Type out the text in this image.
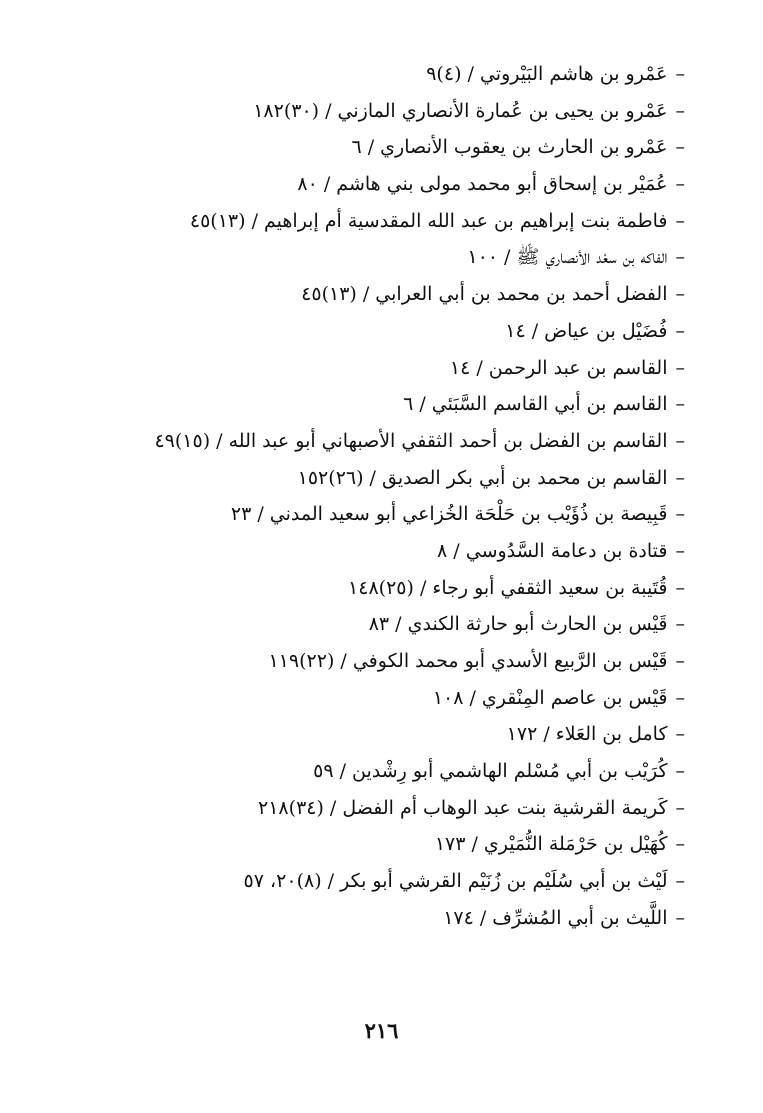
–عَمْرو بن هاشم البَيْروتي / (٤)٩
–عَمْرو بن يحيى بن عُمارة الأنصاري المازني / (٣٠)١٨٢
–عَمْرو بن الحارث بن يعقوب الأنصاري / ٦
–عُمَيْر بن إسحاق أبو محمد مولى بني هاشم / ٨٠
–فاطمة بنت إبراهيم بن عبد الله المقدسية أم إبراهيم / (١٣)٤٥
–الفاكه بن سعْد الأنصاري ﷺ / ١٠٠
–الفضل أحمد بن محمد بن أبي العرابي / (١٣)٤٥
–فُضَيْل بن عياض / ١٤
–القاسم بن عبد الرحمن / ١٤
–القاسم بن أبي القاسم السَّبَئي / ٦
–القاسم بن الفضل بن أحمد الثقفي الأصبهاني أبو عبد الله / (١٥)٤٩
–القاسم بن محمد بن أبي بكر الصديق / (٢٦)١٥٢
–قَبِيصة بن ذُؤَيْب بن حَلْحَة الخُزاعي أبو سعيد المدني / ٢٣
–قتادة بن دعامة السَّدُوسي / ٨
–قُتَيبة بن سعيد الثقفي أبو رجاء / (٢٥)١٤٨
–قَيْس بن الحارث أبو حارثة الكندي / ٨٣
–قَيْس بن الرَّبيع الأسدي أبو محمد الكوفي / (٢٢)١١٩
–قَيْس بن عاصم المِنْقري / ١٠٨
–كامل بن العَلاء / ١٧٢
–كُرَيْب بن أبي مُسْلم الهاشمي أبو رِشْدين / ٥٩
–كَريمة القرشية بنت عبد الوهاب أم الفضل / (٣٤)٢١٨
–كُهَيْل بن حَرْمَلة النُّمَيْري / ١٧٣
–لَيْث بن أبي سُلَيْم بن زُنَيْم القرشي أبو بكر / (٨)٢٠، ٥٧
–اللَّيث بن أبي المُشرِّف / ١٧٤
٢١٦
